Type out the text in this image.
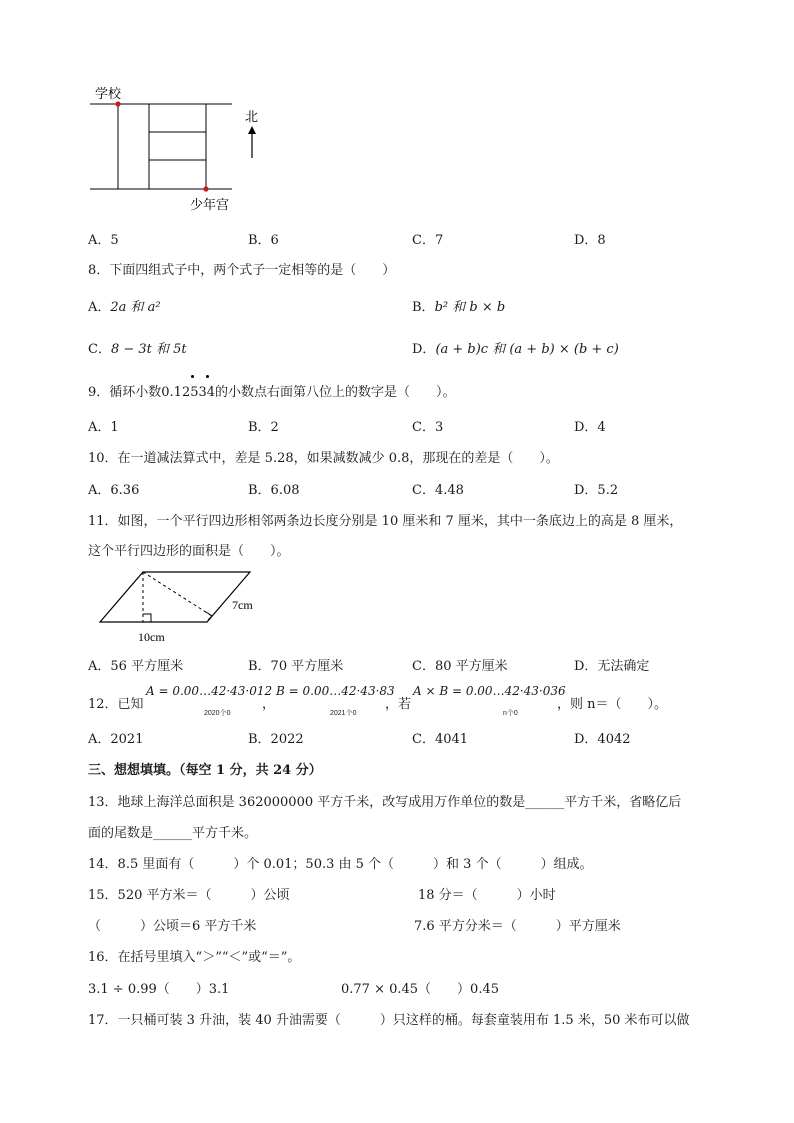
学校
少年宫
北
A．5	B．6	C．7	D．8
8．下面四组式子中，两个式子一定相等的是（　　）
A．2a 和 a²	B．b² 和 b × b
C．8 − 3t 和 5t	D．(a + b)c 和 (a + b) × (b + c)
9．循环小数0.12534的小数点右面第八位上的数字是（　　）。
A．1	B．2	C．3	D．4
10．在一道减法算式中，差是 5.28，如果减数减少 0.8，那现在的差是（　　）。
A．6.36	B．6.08	C．4.48	D．5.2
11．如图，一个平行四边形相邻两条边长度分别是 10 厘米和 7 厘米，其中一条底边上的高是 8 厘米，
这个平行四边形的面积是（　　）。
10cm
7cm
A．56 平方厘米	B．70 平方厘米	C．80 平方厘米	D．无法确定
12．已知
A = 0.00…42·43·012
2020个0
，
B = 0.00…42·43·83
2021个0
，若
A × B = 0.00…42·43·036
n个0
，则 n＝（　　）。
A．2021	B．2022	C．4041	D．4042
三、想想填填。（每空 1 分，共 24 分）
13．地球上海洋总面积是 362000000 平方千米，改写成用万作单位的数是______平方千米，省略亿后
面的尾数是______平方千米。
14．8.5 里面有（　　　）个 0.01；50.3 由 5 个（　　　）和 3 个（　　　）组成。
15．520 平方米＝（　　　）公顷	18 分＝（　　　）小时
（　　　）公顷＝6 平方千米	7.6 平方分米＝（　　　）平方厘米
16．在括号里填入“＞”“＜”或“＝”。
3.1 ÷ 0.99（　　）3.1	0.77 × 0.45（　　）0.45
17．一只桶可装 3 升油，装 40 升油需要（　　　）只这样的桶。每套童装用布 1.5 米，50 米布可以做
